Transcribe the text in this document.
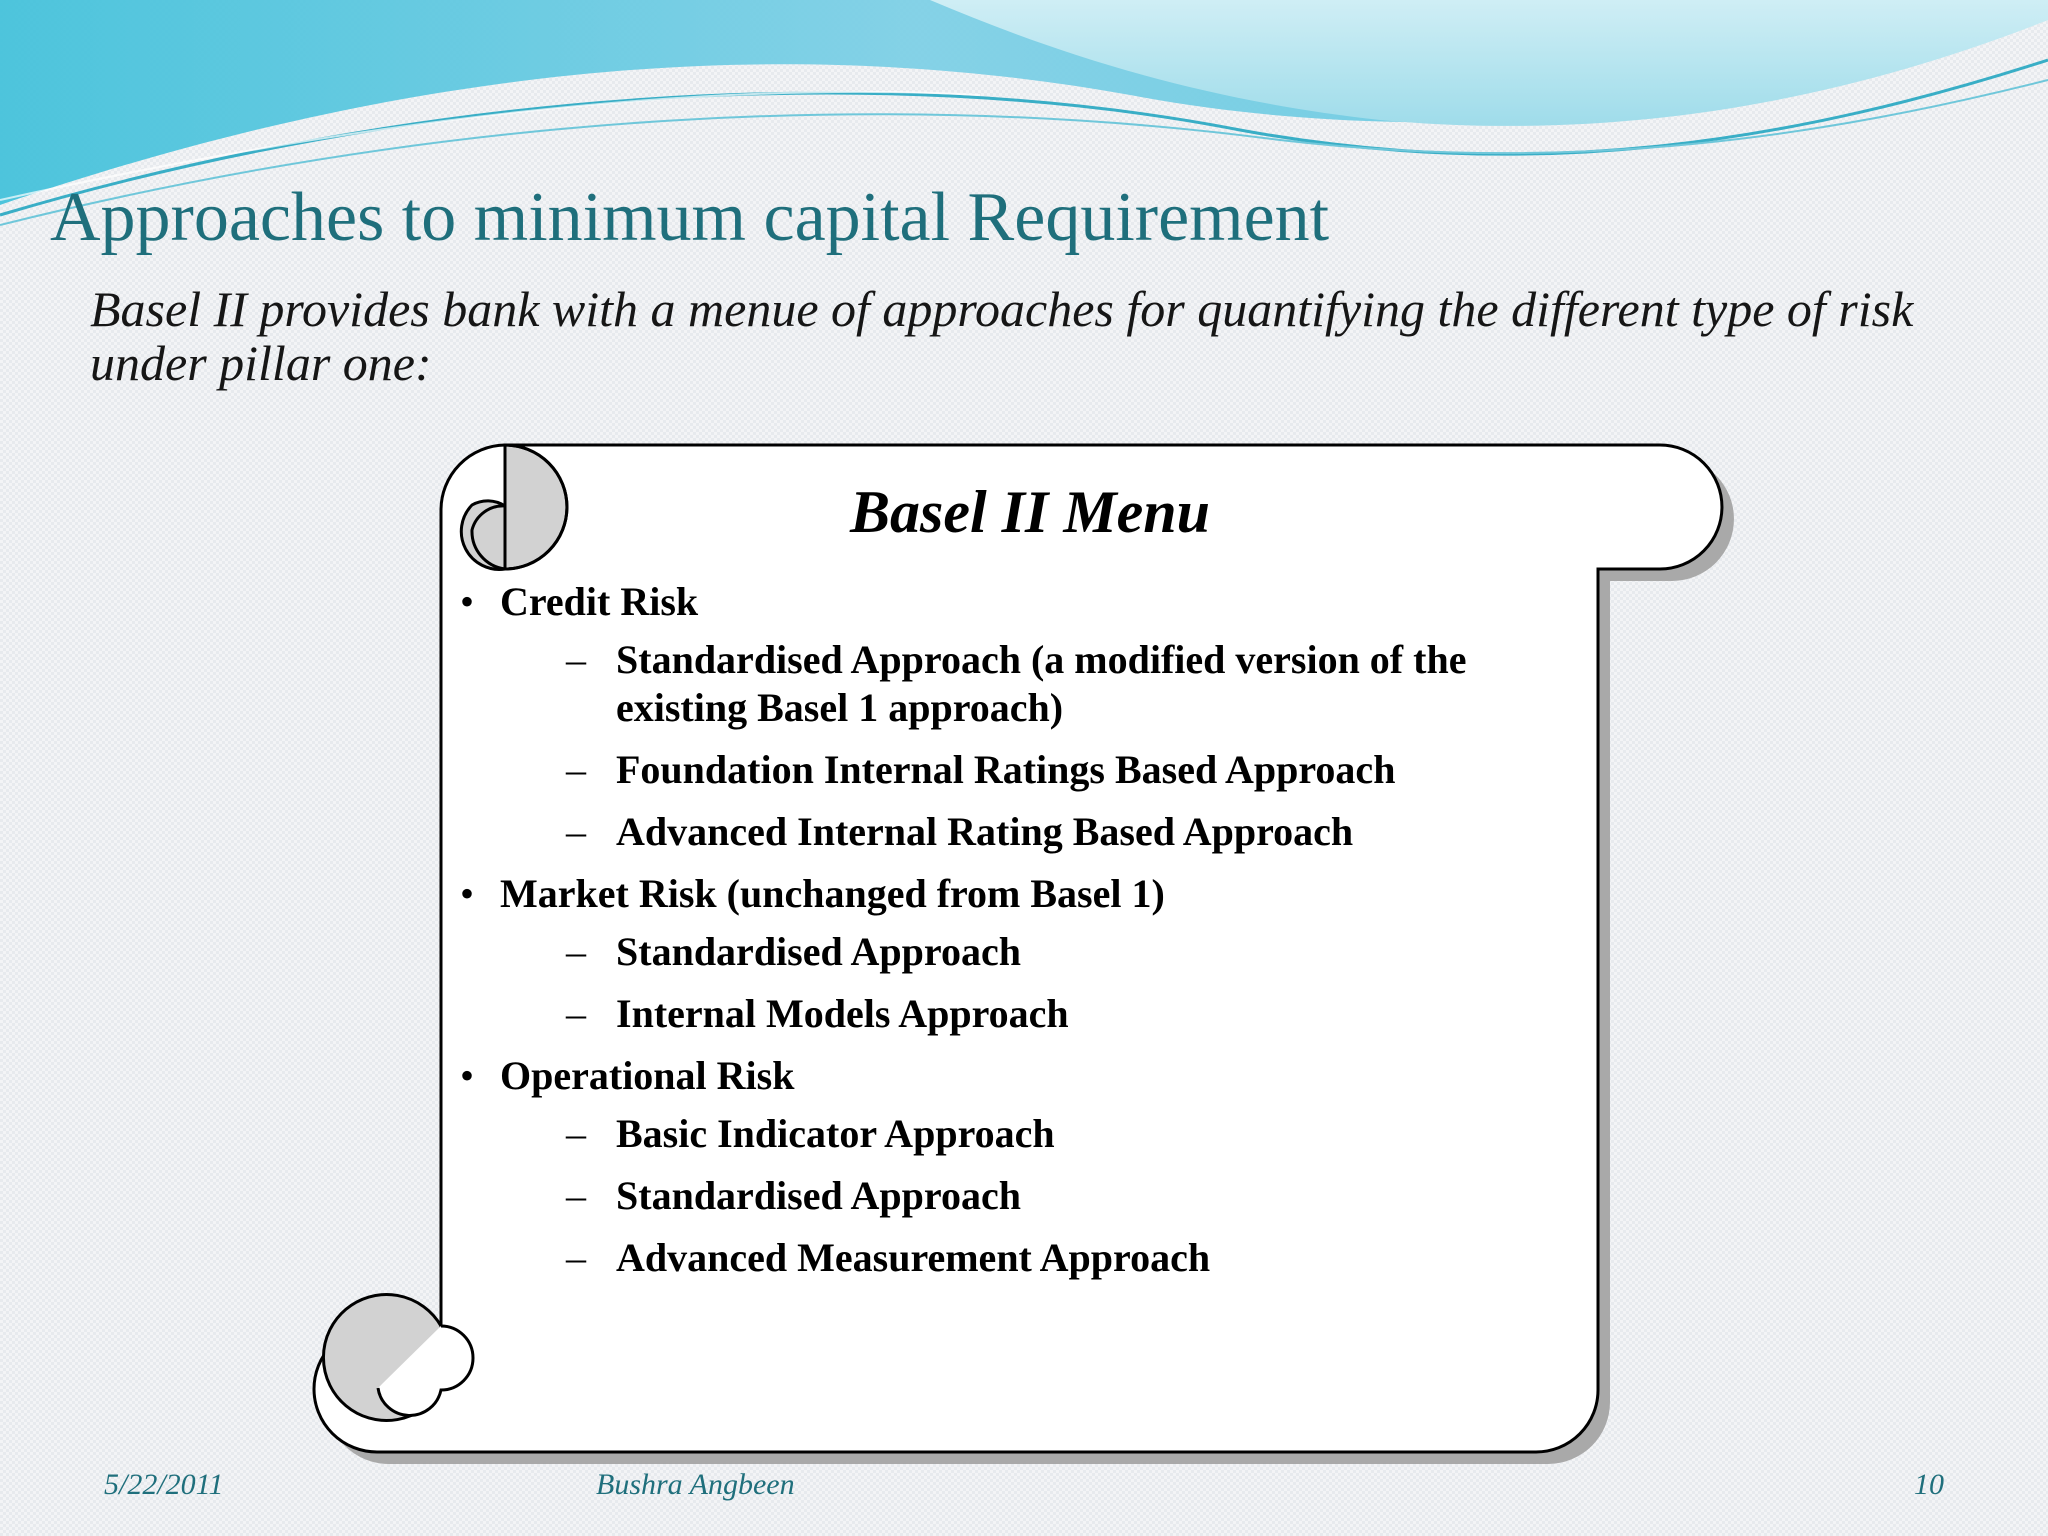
Approaches to minimum capital Requirement

Basel II provides bank with a menue of approaches for quantifying the different type of risk under pillar one:

Basel II Menu
• Credit Risk
– Standardised Approach (a modified version of the existing Basel 1 approach)
– Foundation Internal Ratings Based Approach
– Advanced Internal Rating Based Approach
• Market Risk (unchanged from Basel 1)
– Standardised Approach
– Internal Models Approach
• Operational Risk
– Basic Indicator Approach
– Standardised Approach
– Advanced Measurement Approach
5/22/2011	Bushra Angbeen	10
